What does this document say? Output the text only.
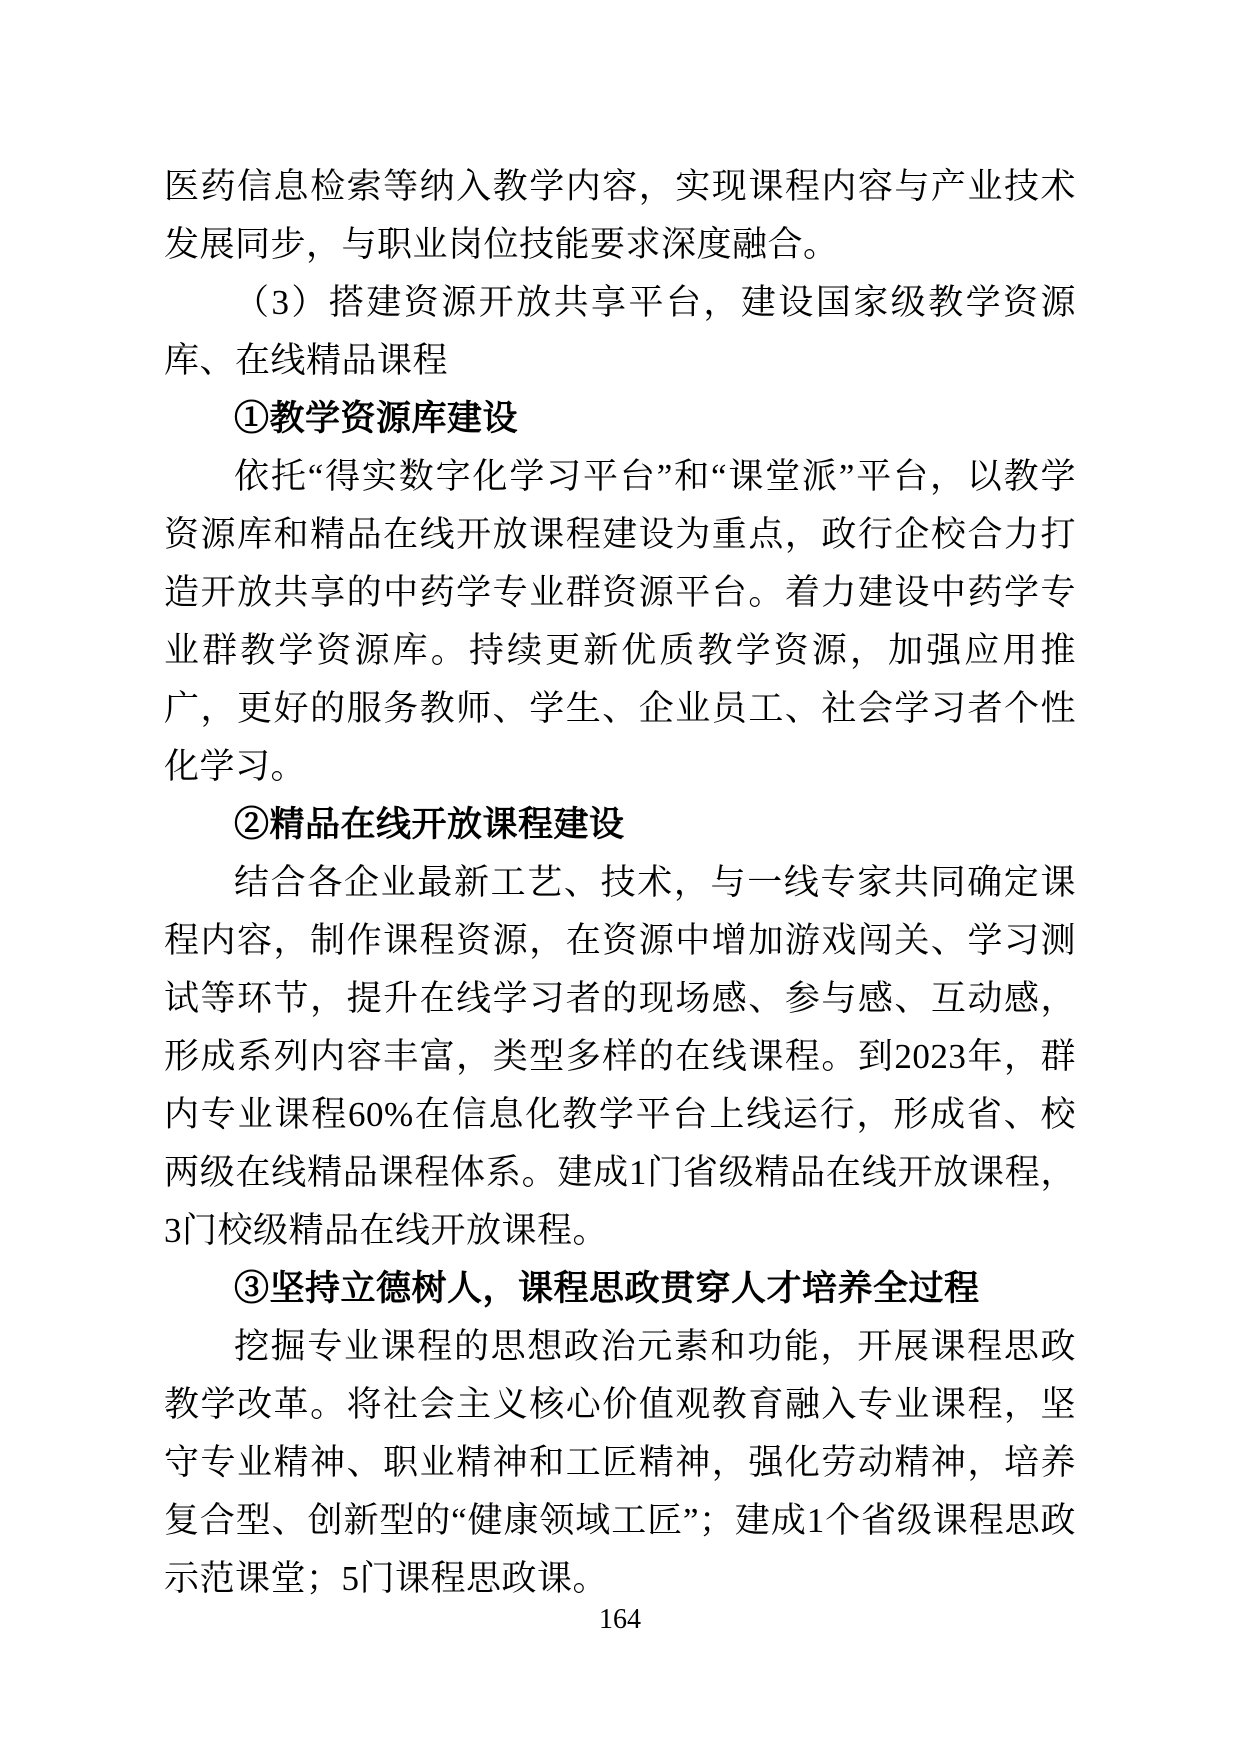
医药信息检索等纳入教学内容，实现课程内容与产业技术发展同步，与职业岗位技能要求深度融合。

（3）搭建资源开放共享平台，建设国家级教学资源库、在线精品课程

①教学资源库建设

依托“得实数字化学习平台”和“课堂派”平台，以教学资源库和精品在线开放课程建设为重点，政行企校合力打造开放共享的中药学专业群资源平台。着力建设中药学专业群教学资源库。持续更新优质教学资源，加强应用推广，更好的服务教师、学生、企业员工、社会学习者个性化学习。

②精品在线开放课程建设

结合各企业最新工艺、技术，与一线专家共同确定课程内容，制作课程资源，在资源中增加游戏闯关、学习测试等环节，提升在线学习者的现场感、参与感、互动感，形成系列内容丰富，类型多样的在线课程。到2023年，群内专业课程60%在信息化教学平台上线运行，形成省、校两级在线精品课程体系。建成1门省级精品在线开放课程，3门校级精品在线开放课程。

③坚持立德树人，课程思政贯穿人才培养全过程

挖掘专业课程的思想政治元素和功能，开展课程思政教学改革。将社会主义核心价值观教育融入专业课程，坚守专业精神、职业精神和工匠精神，强化劳动精神，培养复合型、创新型的“健康领域工匠”；建成1个省级课程思政示范课堂；5门课程思政课。

164
